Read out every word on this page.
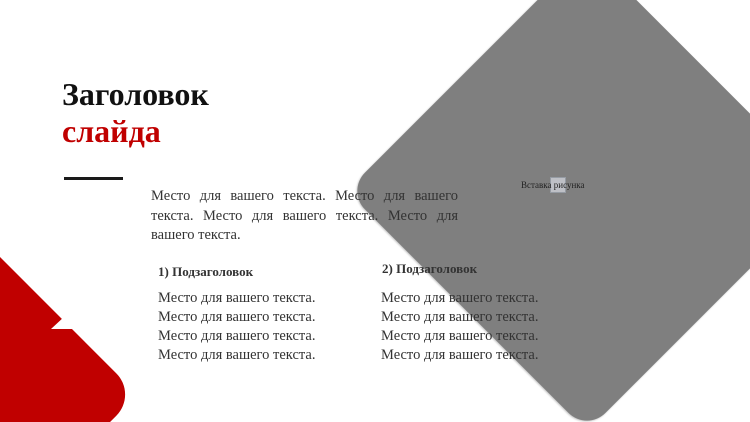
Вставка рисунка
Заголовок
слайда
Место для вашего текста. Место для вашего текста. Место для вашего текста. Место для вашего текста.
1) Подзаголовок	2) Подзаголовок
Место для вашего текста.
Место для вашего текста.
Место для вашего текста.
Место для вашего текста.
Место для вашего текста.
Место для вашего текста.
Место для вашего текста.
Место для вашего текста.
